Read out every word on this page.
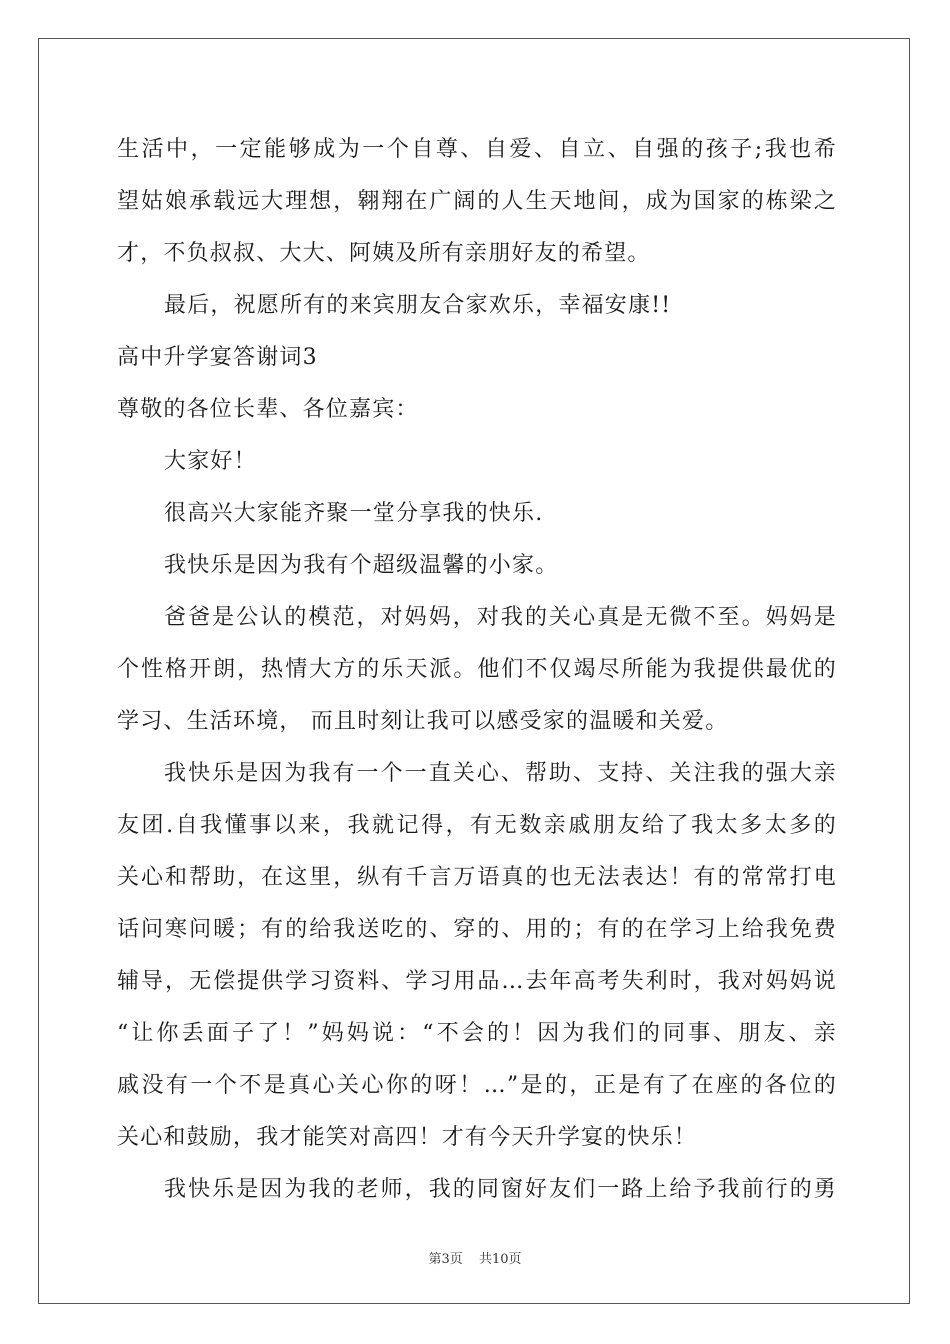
生活中，一定能够成为一个自尊、自爱、自立、自强的孩子;我也希
望姑娘承载远大理想，翱翔在广阔的人生天地间，成为国家的栋梁之
才，不负叔叔、大大、阿姨及所有亲朋好友的希望。
最后，祝愿所有的来宾朋友合家欢乐，幸福安康!!
高中升学宴答谢词3
尊敬的各位长辈、各位嘉宾：
大家好！
很高兴大家能齐聚一堂分享我的快乐.
我快乐是因为我有个超级温馨的小家。
爸爸是公认的模范，对妈妈，对我的关心真是无微不至。妈妈是
个性格开朗，热情大方的乐天派。他们不仅竭尽所能为我提供最优的
学习、生活环境， 而且时刻让我可以感受家的温暖和关爱。
我快乐是因为我有一个一直关心、帮助、支持、关注我的强大亲
友团.自我懂事以来，我就记得，有无数亲戚朋友给了我太多太多的
关心和帮助，在这里，纵有千言万语真的也无法表达！有的常常打电
话问寒问暖；有的给我送吃的、穿的、用的；有的在学习上给我免费
辅导，无偿提供学习资料、学习用品…去年高考失利时，我对妈妈说
“让你丢面子了！”妈妈说：“不会的！因为我们的同事、朋友、亲
戚没有一个不是真心关心你的呀！…”是的，正是有了在座的各位的
关心和鼓励，我才能笑对高四！才有今天升学宴的快乐！
我快乐是因为我的老师，我的同窗好友们一路上给予我前行的勇
第3页 共10页
